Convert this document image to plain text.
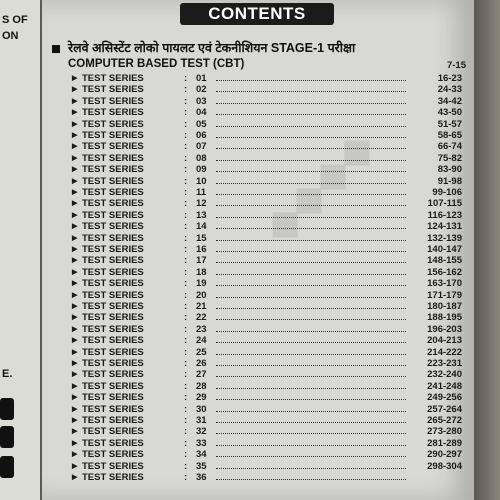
S OF
ON
E.
◆◆◆◆
CONTENTS
रेलवे असिस्टेंट लोको पायलट एवं टेकनीशियन STAGE-1 परीक्षा
COMPUTER BASED TEST (CBT)	7-15
▶ TEST SERIES	: 01	16-23
▶ TEST SERIES	: 02	24-33
▶ TEST SERIES	: 03	34-42
▶ TEST SERIES	: 04	43-50
▶ TEST SERIES	: 05	51-57
▶ TEST SERIES	: 06	58-65
▶ TEST SERIES	: 07	66-74
▶ TEST SERIES	: 08	75-82
▶ TEST SERIES	: 09	83-90
▶ TEST SERIES	: 10	91-98
▶ TEST SERIES	: 11	99-106
▶ TEST SERIES	: 12	107-115
▶ TEST SERIES	: 13	116-123
▶ TEST SERIES	: 14	124-131
▶ TEST SERIES	: 15	132-139
▶ TEST SERIES	: 16	140-147
▶ TEST SERIES	: 17	148-155
▶ TEST SERIES	: 18	156-162
▶ TEST SERIES	: 19	163-170
▶ TEST SERIES	: 20	171-179
▶ TEST SERIES	: 21	180-187
▶ TEST SERIES	: 22	188-195
▶ TEST SERIES	: 23	196-203
▶ TEST SERIES	: 24	204-213
▶ TEST SERIES	: 25	214-222
▶ TEST SERIES	: 26	223-231
▶ TEST SERIES	: 27	232-240
▶ TEST SERIES	: 28	241-248
▶ TEST SERIES	: 29	249-256
▶ TEST SERIES	: 30	257-264
▶ TEST SERIES	: 31	265-272
▶ TEST SERIES	: 32	273-280
▶ TEST SERIES	: 33	281-289
▶ TEST SERIES	: 34	290-297
▶ TEST SERIES	: 35	298-304
▶ TEST SERIES	: 36
